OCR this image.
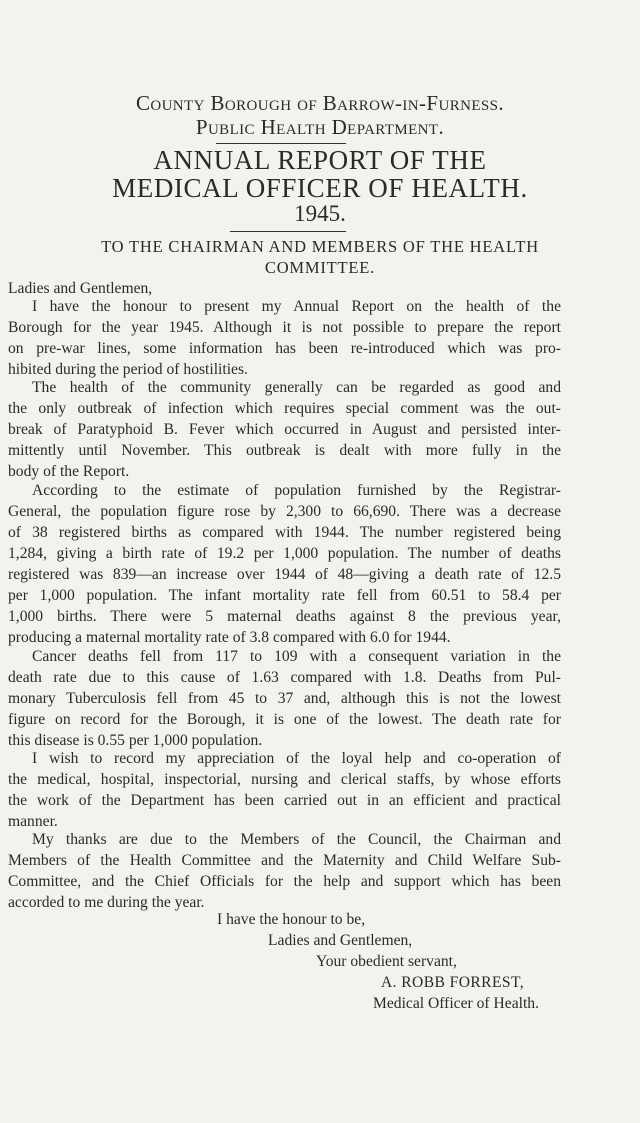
County Borough of Barrow-in-Furness.
Public Health Department.
ANNUAL REPORT OF THE
MEDICAL OFFICER OF HEALTH.
1945.
TO THE CHAIRMAN AND MEMBERS OF THE HEALTH
COMMITTEE.
Ladies and Gentlemen,
I have the honour to present my Annual Report on the health of the
Borough for the year 1945. Although it is not possible to prepare the report
on pre-war lines, some information has been re-introduced which was pro-
hibited during the period of hostilities.
The health of the community generally can be regarded as good and
the only outbreak of infection which requires special comment was the out-
break of Paratyphoid B. Fever which occurred in August and persisted inter-
mittently until November. This outbreak is dealt with more fully in the
body of the Report.
According to the estimate of population furnished by the Registrar-
General, the population figure rose by 2,300 to 66,690. There was a decrease
of 38 registered births as compared with 1944. The number registered being
1,284, giving a birth rate of 19.2 per 1,000 population. The number of deaths
registered was 839—an increase over 1944 of 48—giving a death rate of 12.5
per 1,000 population. The infant mortality rate fell from 60.51 to 58.4 per
1,000 births. There were 5 maternal deaths against 8 the previous year,
producing a maternal mortality rate of 3.8 compared with 6.0 for 1944.
Cancer deaths fell from 117 to 109 with a consequent variation in the
death rate due to this cause of 1.63 compared with 1.8. Deaths from Pul-
monary Tuberculosis fell from 45 to 37 and, although this is not the lowest
figure on record for the Borough, it is one of the lowest. The death rate for
this disease is 0.55 per 1,000 population.
I wish to record my appreciation of the loyal help and co-operation of
the medical, hospital, inspectorial, nursing and clerical staffs, by whose efforts
the work of the Department has been carried out in an efficient and practical
manner.
My thanks are due to the Members of the Council, the Chairman and
Members of the Health Committee and the Maternity and Child Welfare Sub-
Committee, and the Chief Officials for the help and support which has been
accorded to me during the year.
I have the honour to be,
Ladies and Gentlemen,
Your obedient servant,
A. ROBB FORREST,
Medical Officer of Health.
